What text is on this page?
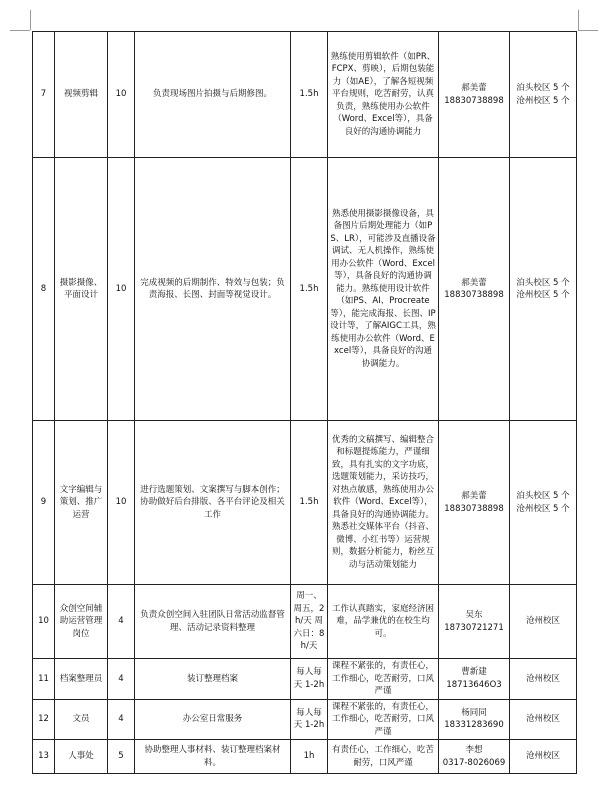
7	视频剪辑	10	负责现场图片拍摄与后期修图。	1.5h	熟练使用剪辑软件（如PR、FCPX、剪映），后期包装能力（如AE），了解各短视频平台规则，吃苦耐劳，认真负责，熟练使用办公软件（Word、Excel等），具备良好的沟通协调能力	郝美蕾
18830738898	泊头校区 5 个 沧州校区 5 个
8	摄影摄像、平面设计	10	完成视频的后期制作、特效与包装；负责海报、长图、封面等视觉设计。	1.5h	熟悉使用摄影摄像设备，具备图片后期处理能力（如PS、LR），可能涉及直播设备调试、无人机操作，熟练使用办公软件（Word、Excel等），具备良好的沟通协调能力。熟练使用设计软件（如PS、AI、Procreate等），能完成海报、长图、IP设计等，了解AIGC工具，熟练使用办公软件（Word、Excel等），具备良好的沟通协调能力。	郝美蕾
18830738898	泊头校区 5 个 沧州校区 5 个
9	文字编辑与策划、推广运营	10	进行选题策划、文案撰写与脚本创作；协助做好后台排版、各平台评论及相关工作	1.5h	优秀的文稿撰写、编辑整合和标题提炼能力，严谨细致，具有扎实的文字功底，选题策划能力，采访技巧，对热点敏感，熟练使用办公软件（Word、Excel等），具备良好的沟通协调能力。熟悉社交媒体平台（抖音、微博、小红书等）运营规则，数据分析能力，粉丝互动与活动策划能力	郝美蕾
18830738898	泊头校区 5 个 沧州校区 5 个
10	众创空间辅助运营管理岗位	4	负责众创空间入驻团队日常活动监督管理、活动记录资料整理	周一、周五，2h/天 周六日：8h/天	工作认真踏实，家庭经济困难，品学兼优的在校生均可。	吴东
18730721271	沧州校区
11	档案整理员	4	装订整理档案	每人每天 1-2h	课程不紧张的，有责任心，工作细心，吃苦耐劳，口风严谨	曹新建
18713646O3	沧州校区
12	文员	4	办公室日常服务	每人每天 1-2h	课程不紧张的，有责任心，工作细心，吃苦耐劳，口风严谨	杨同同
18331283690	沧州校区
13	人事处	5	协助整理人事材料、装订整理档案材料。	1h	有责任心，工作细心，吃苦耐劳，口风严谨	李想
0317-8026069	沧州校区
